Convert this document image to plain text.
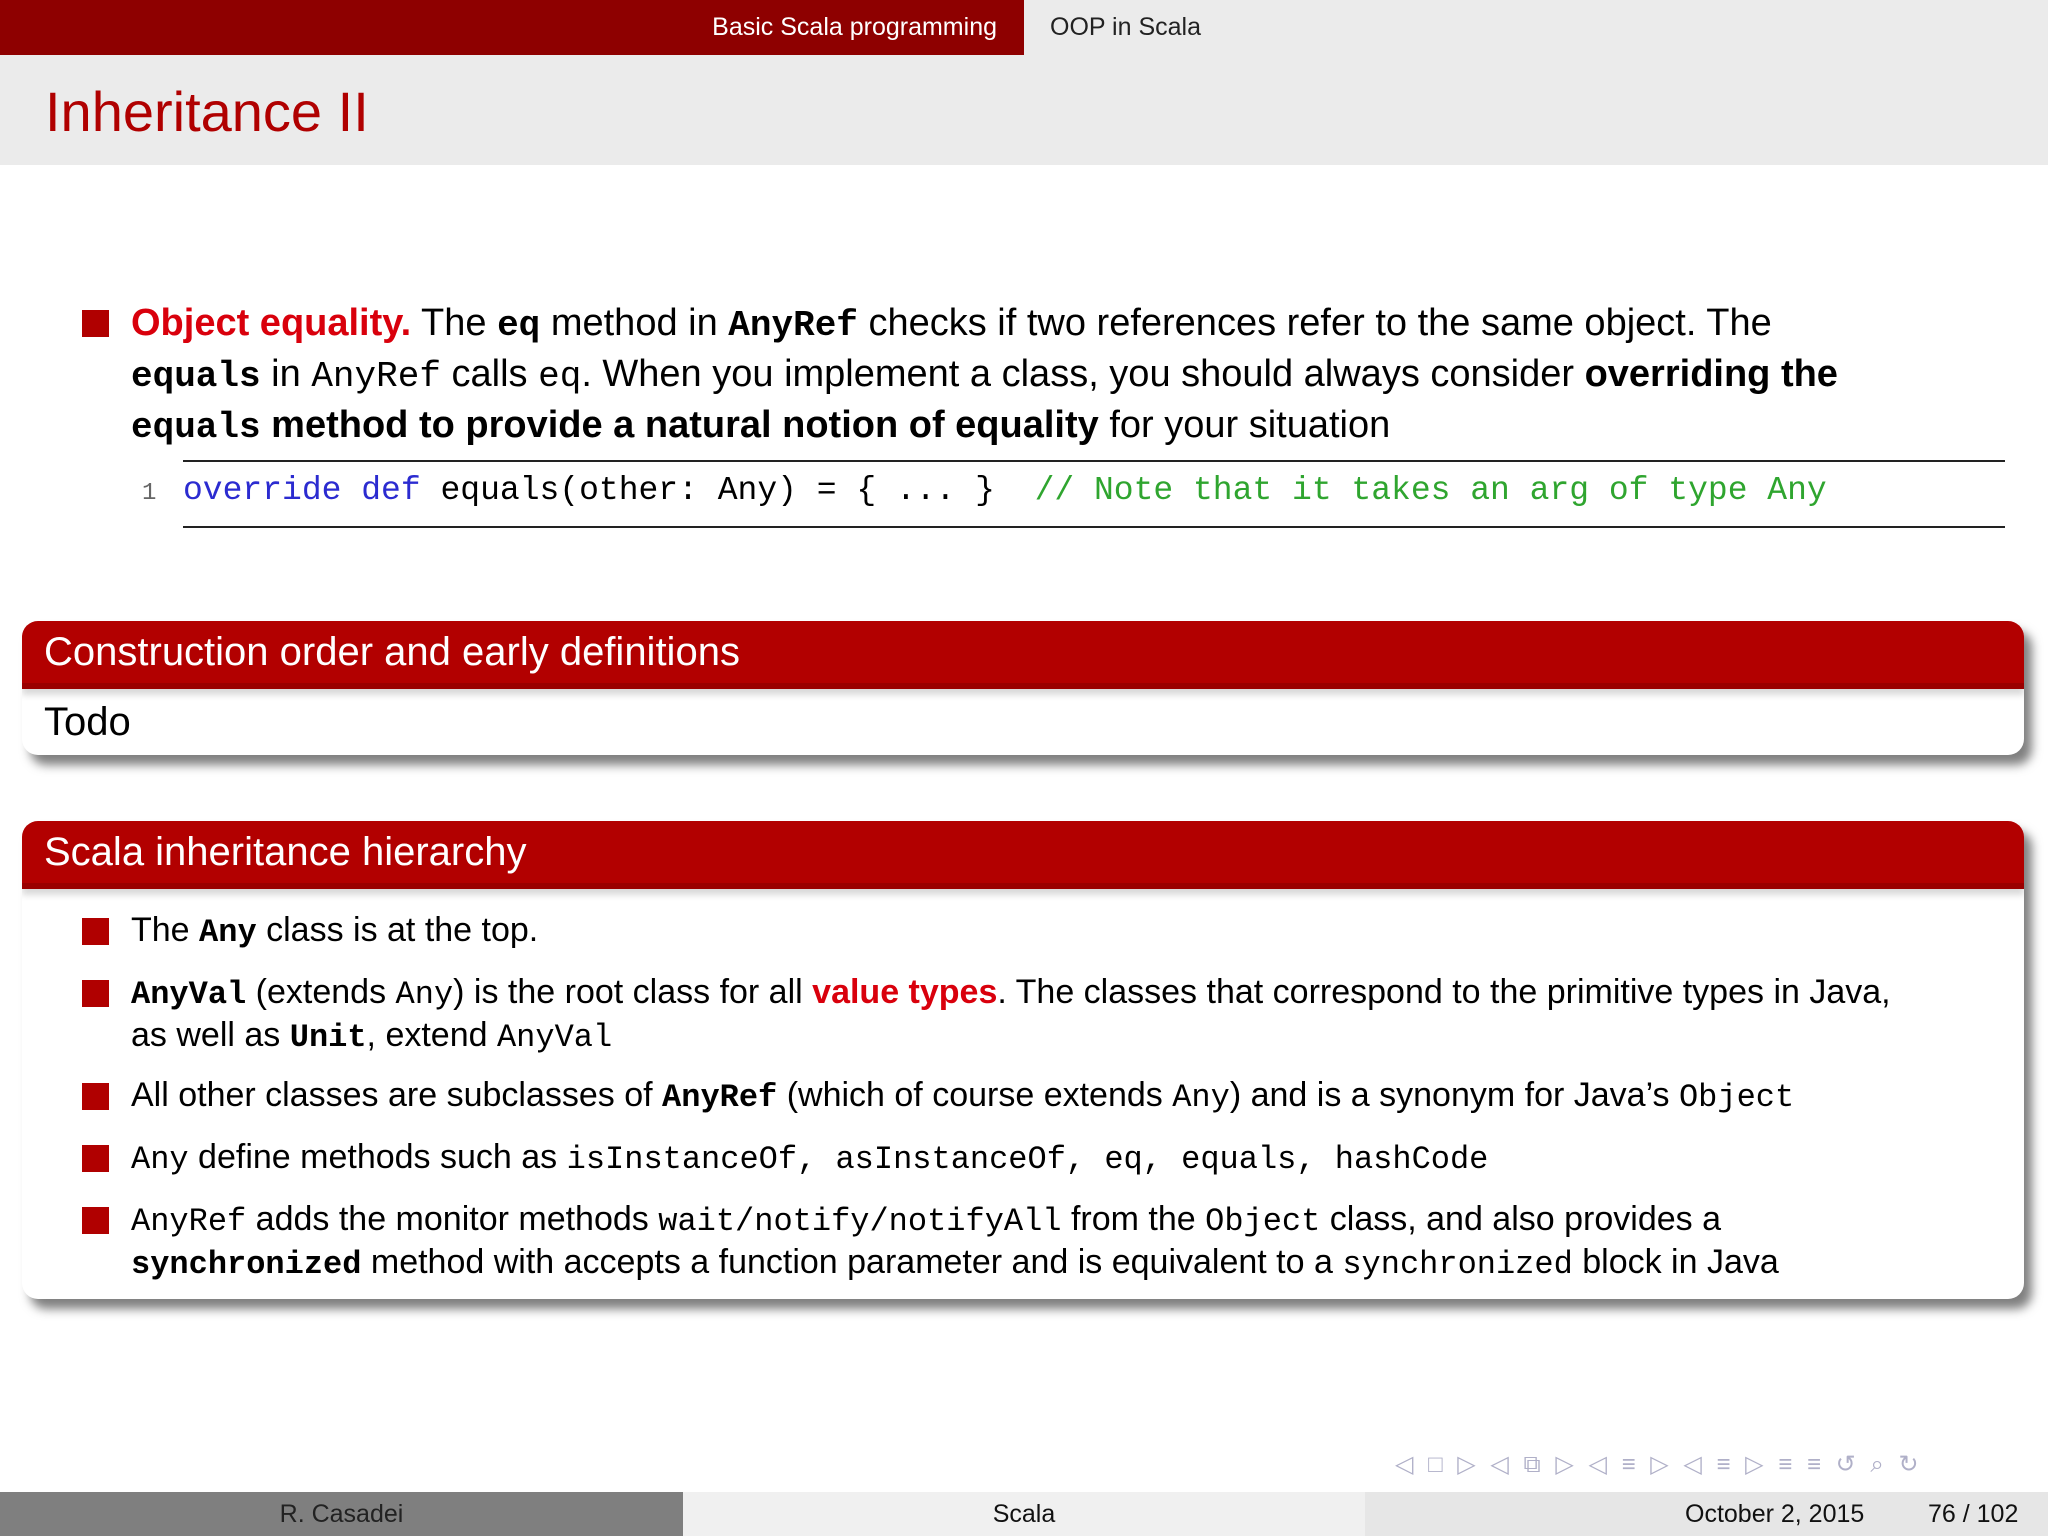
Basic Scala programming OOP in Scala
Inheritance II
Object equality. The eq method in AnyRef checks if two references refer to the same object. The
equals in AnyRef calls eq. When you implement a class, you should always consider overriding the
equals method to provide a natural notion of equality for your situation
1 override def equals(other: Any) = { ... }  // Note that it takes an arg of type Any
Construction order and early definitions
Todo
Scala inheritance hierarchy
The Any class is at the top.
AnyVal (extends Any) is the root class for all value types. The classes that correspond to the primitive types in Java,
as well as Unit, extend AnyVal
All other classes are subclasses of AnyRef (which of course extends Any) and is a synonym for Java’s Object
Any define methods such as isInstanceOf, asInstanceOf, eq, equals, hashCode
AnyRef adds the monitor methods wait/notify/notifyAll from the Object class, and also provides a
synchronized method with accepts a function parameter and is equivalent to a synchronized block in Java
◁ □ ▷ ◁ ⧉ ▷ ◁ ≡ ▷ ◁ ≡ ▷ ≡ ≡ ↺ ⌕ ↻
R. Casadei	Scala	October 2, 2015	76 / 102
